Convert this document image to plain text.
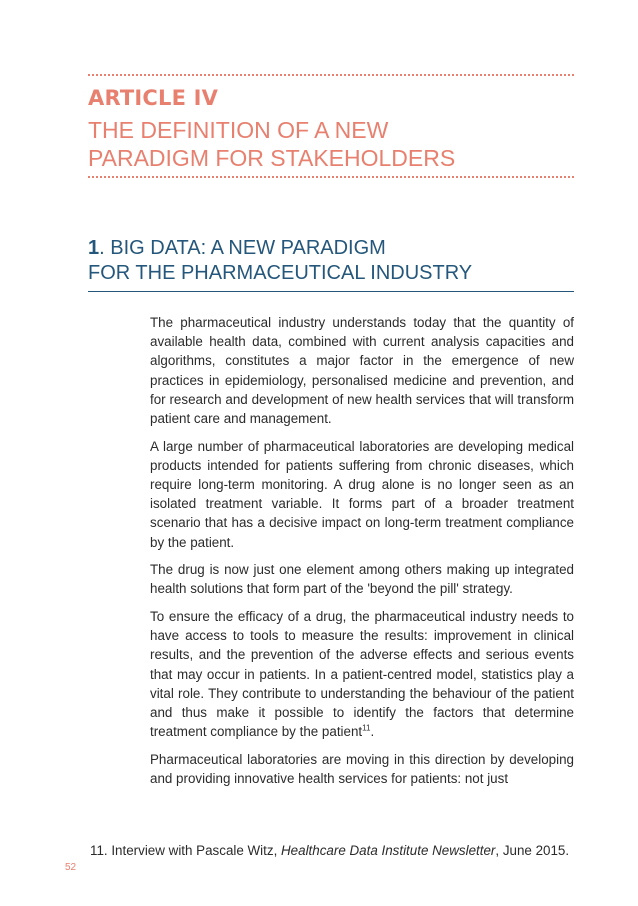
ARTICLE IV
THE DEFINITION OF A NEW
PARADIGM FOR STAKEHOLDERS
1. BIG DATA: A NEW PARADIGM
FOR THE PHARMACEUTICAL INDUSTRY

The pharmaceutical industry understands today that the quantity of available health data, combined with current analysis capacities and algorithms, constitutes a major factor in the emergence of new practices in epidemiology, personalised medicine and prevention, and for research and development of new health services that will transform patient care and management.

A large number of pharmaceutical laboratories are developing medical products intended for patients suffering from chronic diseases, which require long-term monitoring. A drug alone is no longer seen as an isolated treatment variable. It forms part of a broader treatment scenario that has a decisive impact on long-term treatment compliance by the patient.

The drug is now just one element among others making up integrated health solutions that form part of the 'beyond the pill' strategy.

To ensure the efficacy of a drug, the pharmaceutical industry needs to have access to tools to measure the results: improvement in clinical results, and the prevention of the adverse effects and serious events that may occur in patients. In a patient-centred model, statistics play a vital role. They contribute to understanding the behaviour of the patient and thus make it possible to identify the factors that determine treatment compliance by the patient$^{11}$.

Pharmaceutical laboratories are moving in this direction by developing and providing innovative health services for patients: not just

11. Interview with Pascale Witz, Healthcare Data Institute Newsletter, June 2015.
52
